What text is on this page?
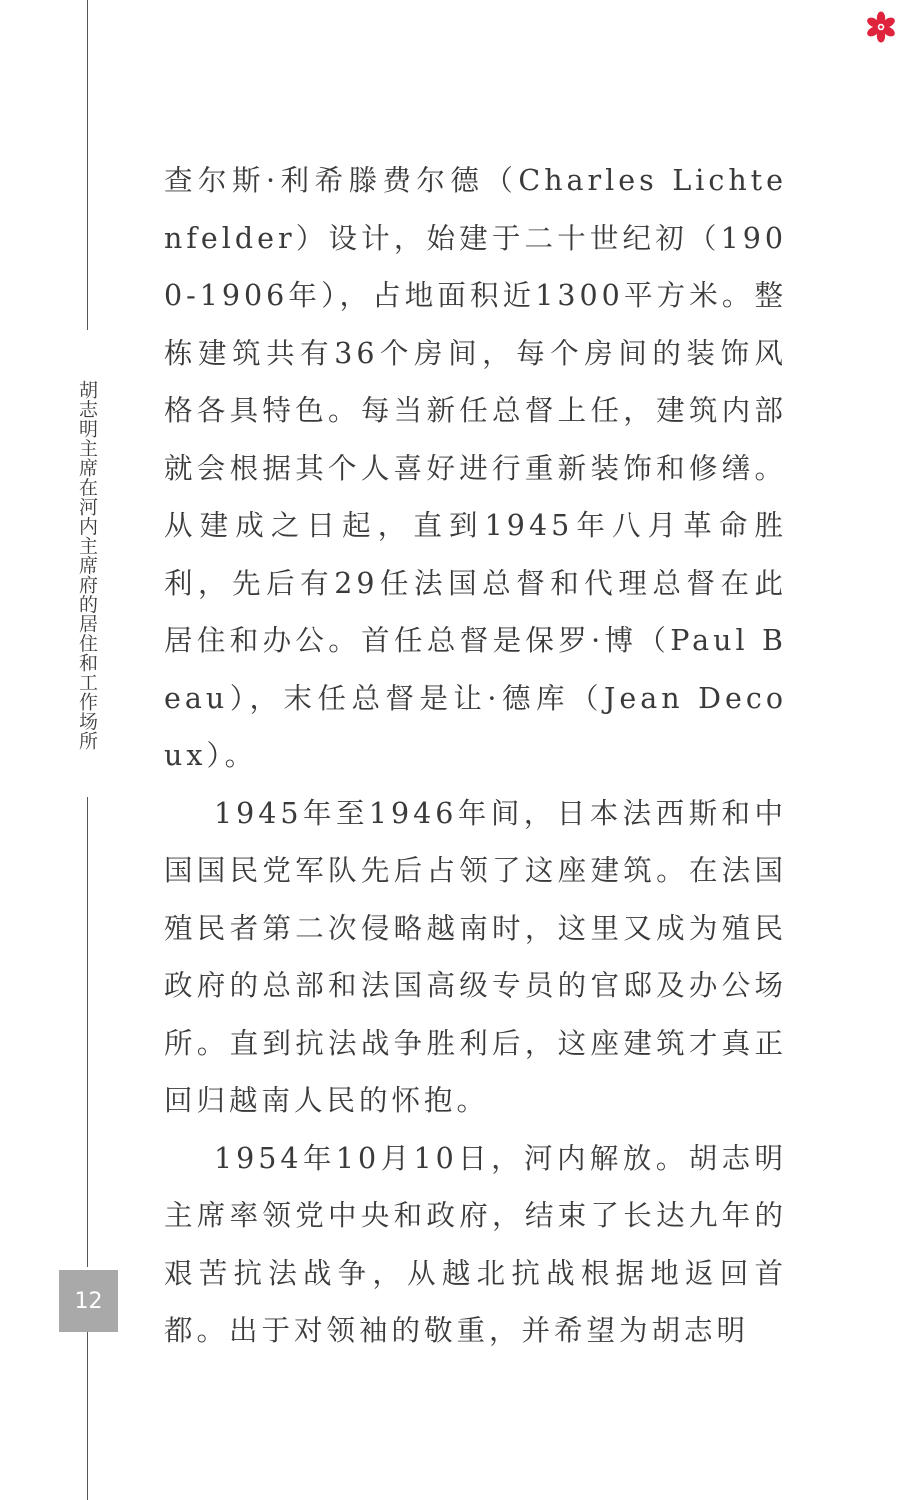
胡志明主席在河内主席府的居住和工作场所
12

查尔斯·利希滕费尔德（Charles Lichtenfelder）设计，始建于二十世纪初（1900-1906年），占地面积近1300平方米。整栋建筑共有36个房间，每个房间的装饰风格各具特色。每当新任总督上任，建筑内部就会根据其个人喜好进行重新装饰和修缮。从建成之日起，直到1945年八月革命胜利，先后有29任法国总督和代理总督在此居住和办公。首任总督是保罗·博（Paul Beau），末任总督是让·德库（Jean Decoux）。

1945年至1946年间，日本法西斯和中国国民党军队先后占领了这座建筑。在法国殖民者第二次侵略越南时，这里又成为殖民政府的总部和法国高级专员的官邸及办公场所。直到抗法战争胜利后，这座建筑才真正回归越南人民的怀抱。

1954年10月10日，河内解放。胡志明主席率领党中央和政府，结束了长达九年的艰苦抗法战争，从越北抗战根据地返回首都。出于对领袖的敬重，并希望为胡志明
